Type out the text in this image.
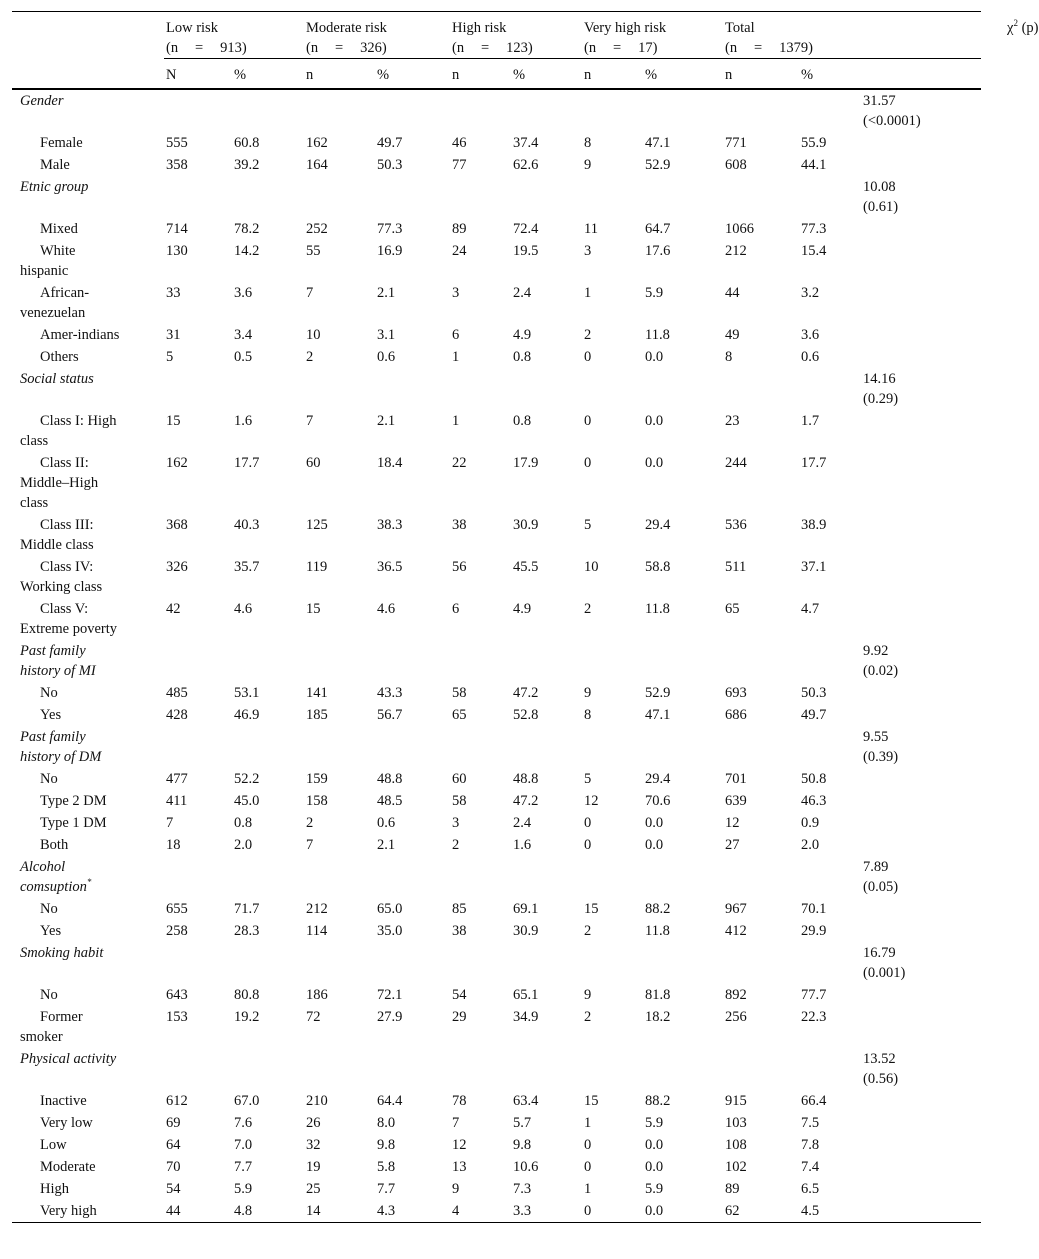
	Low risk
(n = 913)		Moderate risk
(n = 326)		High risk
(n = 123)		Very high risk
(n = 17)		Total
(n = 1379)			$\chi^2$ (p)
	N	%	n	%	n	%	n	%	n	%		

Gender											31.57
(<0.0001)	

Female	555	60.8	162	49.7	46	37.4	8	47.1	771	55.9		

Male	358	39.2	164	50.3	77	62.6	9	52.9	608	44.1		

Etnic group											10.08
(0.61)	

Mixed	714	78.2	252	77.3	89	72.4	11	64.7	1066	77.3		

White
hispanic	130	14.2	55	16.9	24	19.5	3	17.6	212	15.4		

African-
venezuelan	33	3.6	7	2.1	3	2.4	1	5.9	44	3.2		

Amer-indians	31	3.4	10	3.1	6	4.9	2	11.8	49	3.6		

Others	5	0.5	2	0.6	1	0.8	0	0.0	8	0.6		

Social status											14.16
(0.29)	

Class I: High
class	15	1.6	7	2.1	1	0.8	0	0.0	23	1.7		

Class II:
Middle–High
class	162	17.7	60	18.4	22	17.9	0	0.0	244	17.7		

Class III:
Middle class	368	40.3	125	38.3	38	30.9	5	29.4	536	38.9		

Class IV:
Working class	326	35.7	119	36.5	56	45.5	10	58.8	511	37.1		

Class V:
Extreme poverty	42	4.6	15	4.6	6	4.9	2	11.8	65	4.7		

Past family
history of MI											9.92
(0.02)	

No	485	53.1	141	43.3	58	47.2	9	52.9	693	50.3		

Yes	428	46.9	185	56.7	65	52.8	8	47.1	686	49.7		

Past family
history of DM											9.55
(0.39)	

No	477	52.2	159	48.8	60	48.8	5	29.4	701	50.8		

Type 2 DM	411	45.0	158	48.5	58	47.2	12	70.6	639	46.3		

Type 1 DM	7	0.8	2	0.6	3	2.4	0	0.0	12	0.9		

Both	18	2.0	7	2.1	2	1.6	0	0.0	27	2.0		

Alcohol
comsuption*											7.89
(0.05)	

No	655	71.7	212	65.0	85	69.1	15	88.2	967	70.1		

Yes	258	28.3	114	35.0	38	30.9	2	11.8	412	29.9		

Smoking habit											16.79
(0.001)	

No	643	80.8	186	72.1	54	65.1	9	81.8	892	77.7		

Former
smoker	153	19.2	72	27.9	29	34.9	2	18.2	256	22.3		

Physical activity											13.52
(0.56)	

Inactive	612	67.0	210	64.4	78	63.4	15	88.2	915	66.4		

Very low	69	7.6	26	8.0	7	5.7	1	5.9	103	7.5		

Low	64	7.0	32	9.8	12	9.8	0	0.0	108	7.8		

Moderate	70	7.7	19	5.8	13	10.6	0	0.0	102	7.4		

High	54	5.9	25	7.7	9	7.3	1	5.9	89	6.5		

Very high	44	4.8	14	4.3	4	3.3	0	0.0	62	4.5		
